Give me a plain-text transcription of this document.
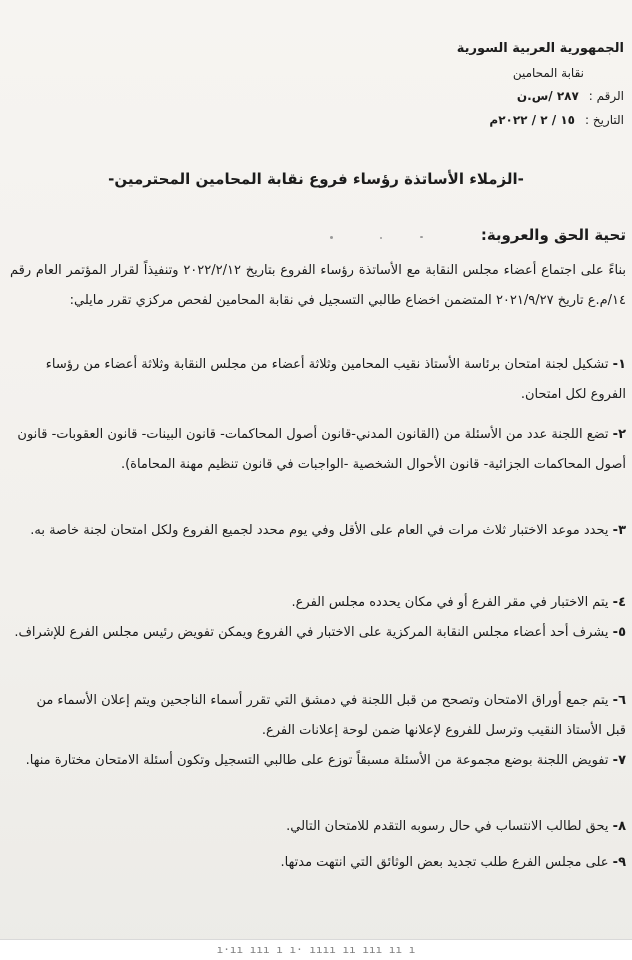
الجمهورية العربية السورية
نقابة المحامين
الرقم :
٢٨٧ /س.ن
التاريخ :
١٥ / ٢ / ٢٠٢٢م
-الزملاء الأساتذة رؤساء فروع نقابة المحامين المحترمين-
تحية الحق والعروبة:
بناءً على اجتماع أعضاء مجلس النقابة مع الأساتذة رؤساء الفروع بتاريخ ٢٠٢٢/٢/١٢ وتنفيذاً لقرار المؤتمر العام رقم ١٤/م.ع تاريخ ٢٠٢١/٩/٢٧ المتضمن اخضاع طالبي التسجيل في نقابة المحامين لفحص مركزي تقرر مايلي:
١- تشكيل لجنة امتحان برئاسة الأستاذ نقيب المحامين وثلاثة أعضاء من مجلس النقابة وثلاثة أعضاء من رؤساء الفروع لكل امتحان.
٢- تضع اللجنة عدد من الأسئلة من (القانون المدني-قانون أصول المحاكمات- قانون البينات- قانون العقوبات- قانون أصول المحاكمات الجزائية- قانون الأحوال الشخصية -الواجبات في قانون تنظيم مهنة المحاماة).
٣- يحدد موعد الاختبار ثلاث مرات في العام على الأقل وفي يوم محدد لجميع الفروع ولكل امتحان لجنة خاصة به.
٤- يتم الاختبار في مقر الفرع أو في مكان يحدده مجلس الفرع.
٥- يشرف أحد أعضاء مجلس النقابة المركزية على الاختبار في الفروع ويمكن تفويض رئيس مجلس الفرع للإشراف.
٦- يتم جمع أوراق الامتحان وتصحح من قبل اللجنة في دمشق التي تقرر أسماء الناجحين ويتم إعلان الأسماء من قبل الأستاذ النقيب وترسل للفروع لإعلانها ضمن لوحة إعلانات الفرع.
٧- تفويض اللجنة بوضع مجموعة من الأسئلة مسبقاً توزع على طالبي التسجيل وتكون أسئلة الامتحان مختارة منها.
٨- يحق لطالب الانتساب في حال رسوبه التقدم للامتحان التالي.
٩- على مجلس الفرع طلب تجديد بعض الوثائق التي انتهت مدتها.
ı·ıı ııı ı ı· ıııı ıı ııı ıı ı
